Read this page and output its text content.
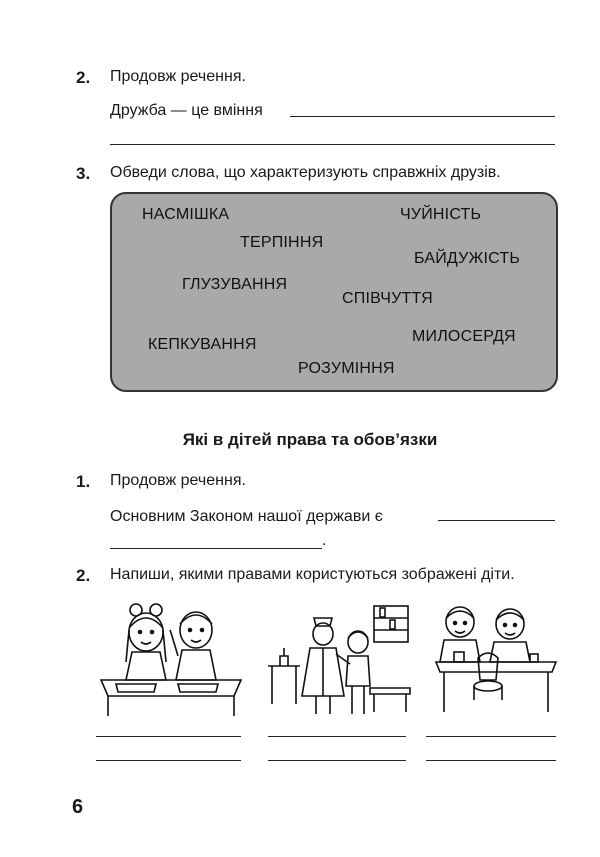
2. Продовж речення.
Дружба — це вміння
3. Обведи слова, що характеризують справжніх друзів.
НАСМІШКА	ЧУЙНІСТЬ
ТЕРПІННЯ
БАЙДУЖІСТЬ
ГЛУЗУВАННЯ
СПІВЧУТТЯ
КЕПКУВАННЯ	МИЛОСЕРДЯ
РОЗУМІННЯ
Які в дітей права та обов’язки
1. Продовж речення.
Основним Законом нашої держави є
.
2. Напиши, якими правами користуються зображені діти.
6
